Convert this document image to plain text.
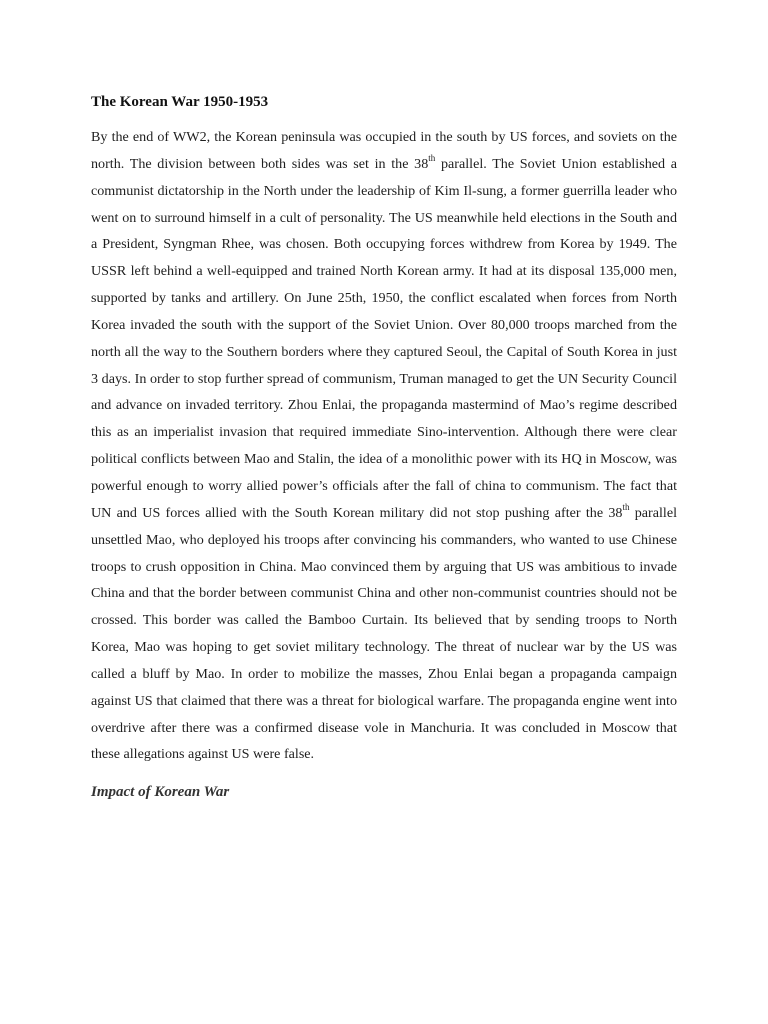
The Korean War 1950-1953

By the end of WW2, the Korean peninsula was occupied in the south by US forces, and soviets on the north. The division between both sides was set in the 38th parallel. The Soviet Union established a communist dictatorship in the North under the leadership of Kim Il-sung, a former guerrilla leader who went on to surround himself in a cult of personality. The US meanwhile held elections in the South and a President, Syngman Rhee, was chosen. Both occupying forces withdrew from Korea by 1949. The USSR left behind a well-equipped and trained North Korean army. It had at its disposal 135,000 men, supported by tanks and artillery. On June 25th, 1950, the conflict escalated when forces from North Korea invaded the south with the support of the Soviet Union. Over 80,000 troops marched from the north all the way to the Southern borders where they captured Seoul, the Capital of South Korea in just 3 days. In order to stop further spread of communism, Truman managed to get the UN Security Council and advance on invaded territory. Zhou Enlai, the propaganda mastermind of Mao’s regime described this as an imperialist invasion that required immediate Sino-intervention. Although there were clear political conflicts between Mao and Stalin, the idea of a monolithic power with its HQ in Moscow, was powerful enough to worry allied power’s officials after the fall of china to communism. The fact that UN and US forces allied with the South Korean military did not stop pushing after the 38th parallel unsettled Mao, who deployed his troops after convincing his commanders, who wanted to use Chinese troops to crush opposition in China. Mao convinced them by arguing that US was ambitious to invade China and that the border between communist China and other non-communist countries should not be crossed. This border was called the Bamboo Curtain. Its believed that by sending troops to North Korea, Mao was hoping to get soviet military technology. The threat of nuclear war by the US was called a bluff by Mao. In order to mobilize the masses, Zhou Enlai began a propaganda campaign against US that claimed that there was a threat for biological warfare. The propaganda engine went into overdrive after there was a confirmed disease vole in Manchuria. It was concluded in Moscow that these allegations against US were false.

Impact of Korean War
